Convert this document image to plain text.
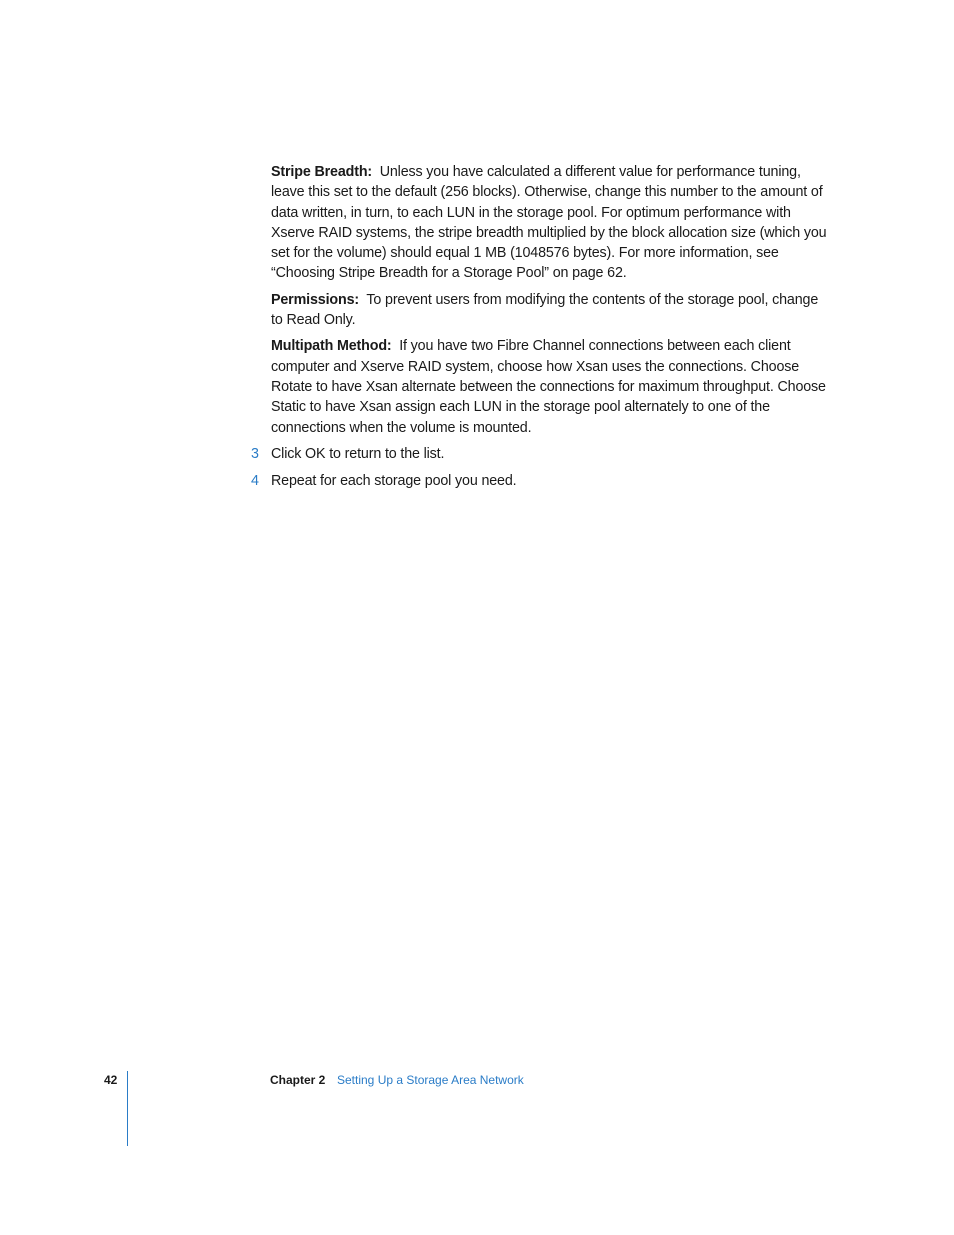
Stripe Breadth: Unless you have calculated a different value for performance tuning, leave this set to the default (256 blocks). Otherwise, change this number to the amount of data written, in turn, to each LUN in the storage pool. For optimum performance with Xserve RAID systems, the stripe breadth multiplied by the block allocation size (which you set for the volume) should equal 1 MB (1048576 bytes). For more information, see “Choosing Stripe Breadth for a Storage Pool” on page 62.

Permissions: To prevent users from modifying the contents of the storage pool, change to Read Only.

Multipath Method: If you have two Fibre Channel connections between each client computer and Xserve RAID system, choose how Xsan uses the connections. Choose Rotate to have Xsan alternate between the connections for maximum throughput. Choose Static to have Xsan assign each LUN in the storage pool alternately to one of the connections when the volume is mounted.

3 Click OK to return to the list.
4 Repeat for each storage pool you need.
42	Chapter 2 Setting Up a Storage Area Network
